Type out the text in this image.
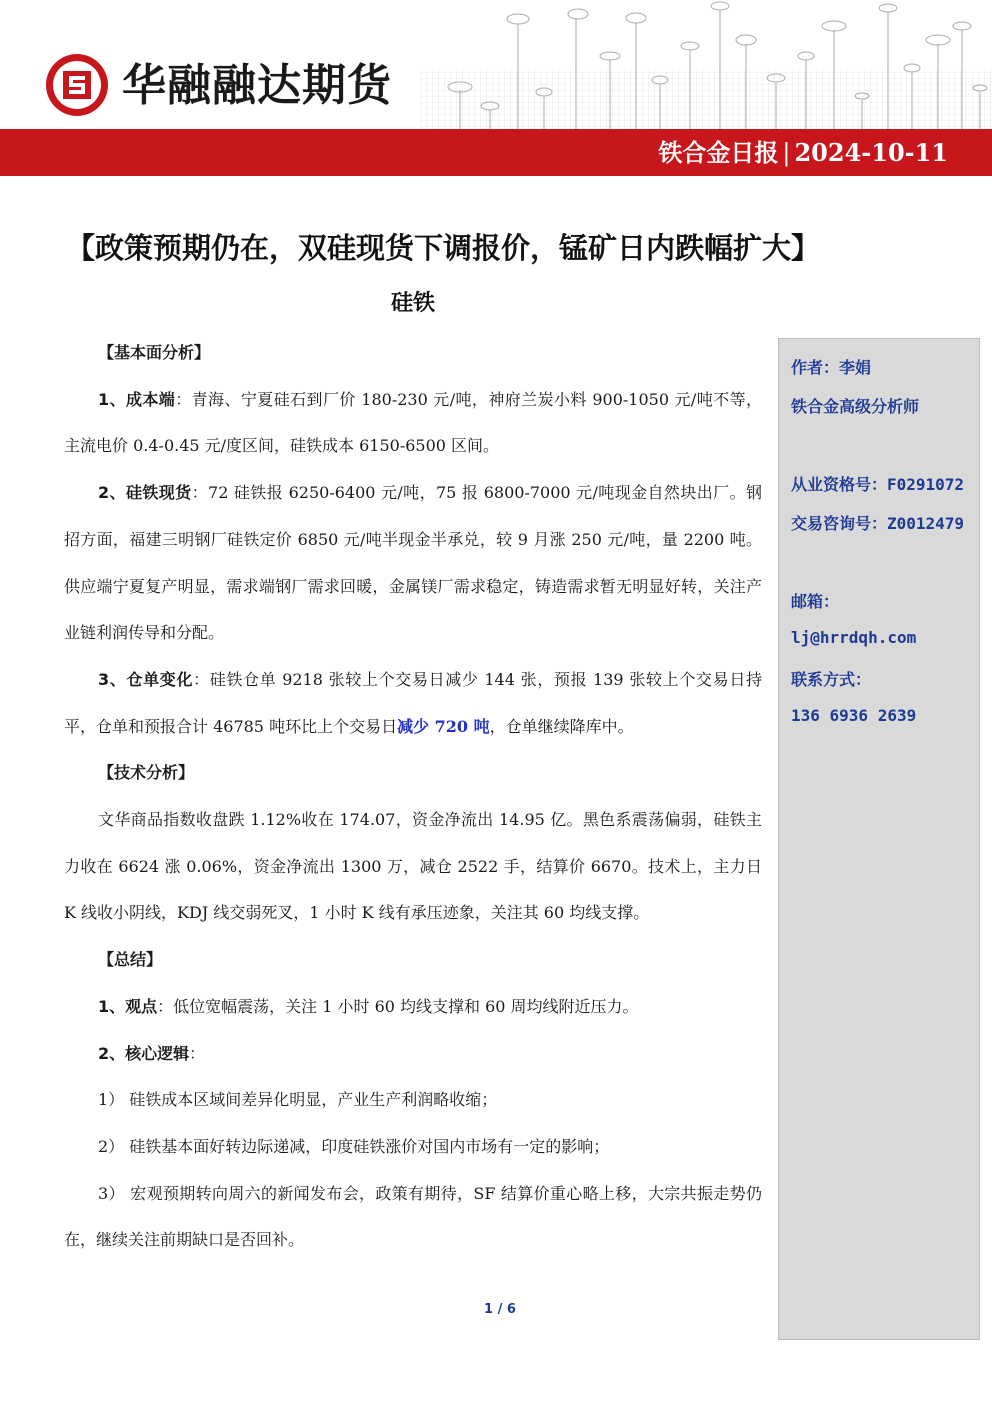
华融融达期货
铁合金日报 | 2024-10-11
【政策预期仍在，双硅现货下调报价，锰矿日内跌幅扩大】
硅铁

【基本面分析】

1、成本端：青海、宁夏硅石到厂价 180-230 元/吨，神府兰炭小料 900-1050 元/吨不等，主流电价 0.4-0.45 元/度区间，硅铁成本 6150-6500 区间。

2、硅铁现货：72 硅铁报 6250-6400 元/吨，75 报 6800-7000 元/吨现金自然块出厂。钢招方面，福建三明钢厂硅铁定价 6850 元/吨半现金半承兑，较 9 月涨 250 元/吨，量 2200 吨。供应端宁夏复产明显，需求端钢厂需求回暖，金属镁厂需求稳定，铸造需求暂无明显好转，关注产业链利润传导和分配。

3、仓单变化：硅铁仓单 9218 张较上个交易日减少 144 张，预报 139 张较上个交易日持平，仓单和预报合计 46785 吨环比上个交易日减少 720 吨，仓单继续降库中。

【技术分析】

文华商品指数收盘跌 1.12%收在 174.07，资金净流出 14.95 亿。黑色系震荡偏弱，硅铁主力收在 6624 涨 0.06%，资金净流出 1300 万，减仓 2522 手，结算价 6670。技术上，主力日 K 线收小阴线，KDJ 线交弱死叉，1 小时 K 线有承压迹象，关注其 60 均线支撑。

【总结】

1、观点：低位宽幅震荡，关注 1 小时 60 均线支撑和 60 周均线附近压力。

2、核心逻辑：

1） 硅铁成本区域间差异化明显，产业生产利润略收缩；

2） 硅铁基本面好转边际递减，印度硅铁涨价对国内市场有一定的影响；

3） 宏观预期转向周六的新闻发布会，政策有期待，SF 结算价重心略上移，大宗共振走势仍在，继续关注前期缺口是否回补。

作者：李娟
铁合金高级分析师
从业资格号：F0291072
交易咨询号：Z0012479
邮箱：
lj@hrrdqh.com
联系方式：
136 6936 2639
1 / 6
